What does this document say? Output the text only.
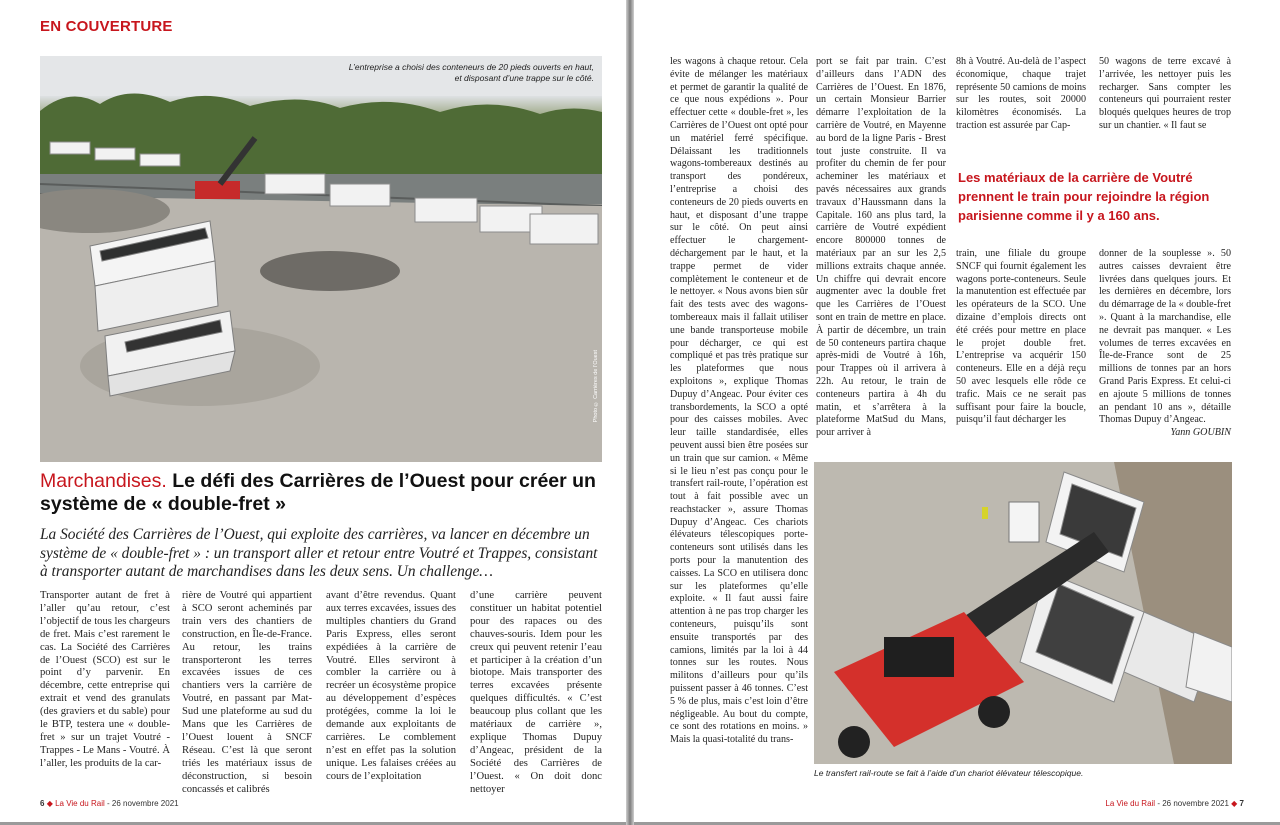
EN COUVERTURE
L’entreprise a choisi des conteneurs de 20 pieds ouverts en haut, et disposant d’une trappe sur le côté.
Photo © Carrières de l’Ouest
Marchandises. Le défi des Carrières de l’Ouest pour créer un système de « double-fret »
La Société des Carrières de l’Ouest, qui exploite des carrières, va lancer en décembre un système de « double-fret » : un transport aller et retour entre Voutré et Trappes, consistant à transporter autant de marchandises dans les deux sens. Un challenge…
Transporter autant de fret à l’aller qu’au retour, c’est l’objectif de tous les chargeurs de fret. Mais c’est rarement le cas. La Société des Carrières de l’Ouest (SCO) est sur le point d’y parvenir. En décembre, cette entreprise qui extrait et vend des granulats (des graviers et du sable) pour le BTP, testera une « double-fret » sur un trajet Voutré - Trappes - Le Mans - Voutré. À l’aller, les produits de la car-
rière de Voutré qui appartient à SCO seront acheminés par train vers des chantiers de construction, en Île-de-France. Au retour, les trains transporteront les terres excavées issues de ces chantiers vers la carrière de Voutré, en passant par Mat-Sud une plateforme au sud du Mans que les Carrières de l’Ouest louent à SNCF Réseau. C’est là que seront triés les matériaux issus de déconstruction, si besoin concassés et calibrés
avant d’être revendus. Quant aux terres excavées, issues des multiples chantiers du Grand Paris Express, elles seront expédiées à la carrière de Voutré. Elles serviront à combler la carrière ou à recréer un écosystème propice au développement d’espèces protégées, comme la loi le demande aux exploitants de carrières. Le comblement n’est en effet pas la solution unique. Les falaises créées au cours de l’exploitation
d’une carrière peuvent constituer un habitat potentiel pour des rapaces ou des chauves-souris. Idem pour les creux qui peuvent retenir l’eau et participer à la création d’un biotope. Mais transporter des terres excavées présente quelques difficultés. « C’est beaucoup plus collant que les matériaux de carrière », explique Thomas Dupuy d’Angeac, président de la Société des Carrières de l’Ouest. « On doit donc nettoyer
6 ◆ La Vie du Rail - 26 novembre 2021
les wagons à chaque retour. Cela évite de mélanger les matériaux et permet de garantir la qualité de ce que nous expédions ». Pour effectuer cette « double-fret », les Carrières de l’Ouest ont opté pour un matériel ferré spécifique. Délaissant les traditionnels wagons-tombereaux destinés au transport des pondéreux, l’entreprise a choisi des conteneurs de 20 pieds ouverts en haut, et disposant d’une trappe sur le côté. On peut ainsi effectuer le chargement-déchargement par le haut, et la trappe permet de vider complètement le conteneur et de le nettoyer. « Nous avons bien sûr fait des tests avec des wagons-tombereaux mais il fallait utiliser une bande transporteuse mobile pour décharger, ce qui est compliqué et pas très pratique sur les plateformes que nous exploitons », explique Thomas Dupuy d’Angeac. Pour éviter ces transbordements, la SCO a opté pour des caisses mobiles. Avec leur taille standardisée, elles peuvent aussi bien être posées sur un train que sur camion. « Même si le lieu n’est pas conçu pour le transfert rail-route, l’opération est tout à fait possible avec un reachstacker », assure Thomas Dupuy d’Angeac. Ces chariots élévateurs télescopiques porte-conteneurs sont utilisés dans les ports pour la manutention des caisses. La SCO en utilisera donc sur les plateformes qu’elle exploite. « Il faut aussi faire attention à ne pas trop charger les conteneurs, puisqu’ils sont ensuite transportés par des camions, limités par la loi à 44 tonnes sur les routes. Nous militons d’ailleurs pour qu’ils puissent passer à 46 tonnes. C’est 5 % de plus, mais c’est loin d’être négligeable. Au bout du compte, ce sont des rotations en moins. » Mais la quasi-totalité du trans-
port se fait par train. C’est d’ailleurs dans l’ADN des Carrières de l’Ouest. En 1876, un certain Monsieur Barrier démarre l’exploitation de la carrière de Voutré, en Mayenne au bord de la ligne Paris - Brest tout juste construite. Il va profiter du chemin de fer pour acheminer les matériaux et pavés nécessaires aux grands travaux d’Haussmann dans la Capitale. 160 ans plus tard, la carrière de Voutré expédient encore 800000 tonnes de matériaux par an sur les 2,5 millions extraits chaque année. Un chiffre qui devrait encore augmenter avec la double fret que les Carrières de l’Ouest sont en train de mettre en place. À partir de décembre, un train de 50 conteneurs partira chaque après-midi de Voutré à 16h, pour Trappes où il arrivera à 22h. Au retour, le train de conteneurs partira à 4h du matin, et s’arrêtera à la plateforme MatSud du Mans, pour arriver à
8h à Voutré. Au-delà de l’aspect économique, chaque trajet représente 50 camions de moins sur les routes, soit 20000 kilomètres économisés. La traction est assurée par Cap-
50 wagons de terre excavé à l’arrivée, les nettoyer puis les recharger. Sans compter les conteneurs qui pourraient rester bloqués quelques heures de trop sur un chantier. « Il faut se
train, une filiale du groupe SNCF qui fournit également les wagons porte-conteneurs. Seule la manutention est effectuée par les opérateurs de la SCO. Une dizaine d’emplois directs ont été créés pour mettre en place le projet double fret. L’entreprise va acquérir 150 conteneurs. Elle en a déjà reçu 50 avec lesquels elle rôde ce trafic. Mais ce ne serait pas suffisant pour faire la boucle, puisqu’il faut décharger les

donner de la souplesse ». 50 autres caisses devraient être livrées dans quelques jours. Et les dernières en décembre, lors du démarrage de la « double-fret ». Quant à la marchandise, elle ne devrait pas manquer. « Les volumes de terres excavées en Île-de-France sont de 25 millions de tonnes par an hors Grand Paris Express. Et celui-ci en ajoute 5 millions de tonnes an pendant 10 ans », détaille Thomas Dupuy d’Angeac.

Yann GOUBIN

La Vie du Rail - 26 novembre 2021 ◆ 7
Les matériaux de la carrière de Voutré prennent le train pour rejoindre la région parisienne comme il y a 160 ans.
Le transfert rail-route se fait à l’aide d’un chariot élévateur télescopique.
